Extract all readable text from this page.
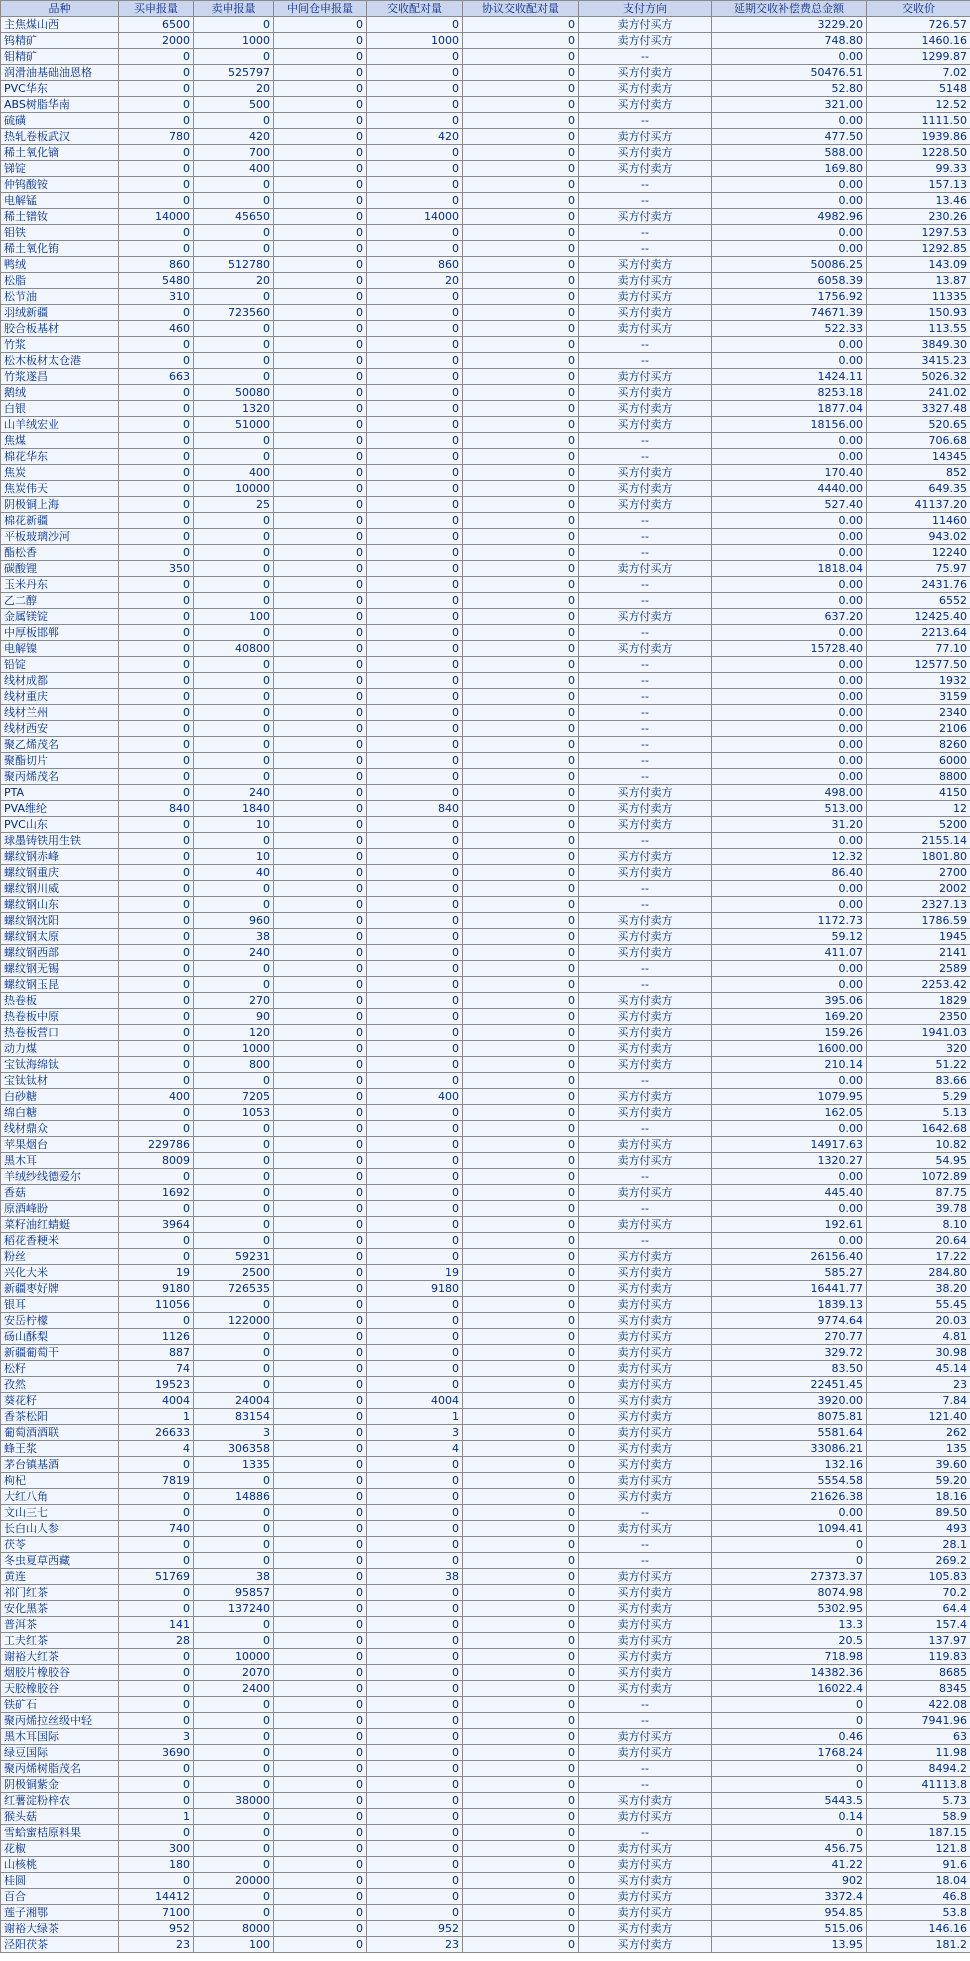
品种	买申报量	卖申报量	中间仓申报量	交收配对量	协议交收配对量	支付方向	延期交收补偿费总金额	交收价
主焦煤山西	6500	0	0	0	0	卖方付买方	3229.20	726.57
钨精矿	2000	1000	0	1000	0	卖方付买方	748.80	1460.16
钼精矿	0	0	0	0	0	--	0.00	1299.87
润滑油基础油恩格	0	525797	0	0	0	买方付卖方	50476.51	7.02
PVC华东	0	20	0	0	0	买方付卖方	52.80	5148
ABS树脂华南	0	500	0	0	0	买方付卖方	321.00	12.52
硫磺	0	0	0	0	0	--	0.00	1111.50
热轧卷板武汉	780	420	0	420	0	卖方付买方	477.50	1939.86
稀土氧化镝	0	700	0	0	0	买方付卖方	588.00	1228.50
锑锭	0	400	0	0	0	买方付卖方	169.80	99.33
仲钨酸铵	0	0	0	0	0	--	0.00	157.13
电解锰	0	0	0	0	0	--	0.00	13.46
稀土镨钕	14000	45650	0	14000	0	买方付卖方	4982.96	230.26
钼铁	0	0	0	0	0	--	0.00	1297.53
稀土氧化铕	0	0	0	0	0	--	0.00	1292.85
鸭绒	860	512780	0	860	0	买方付卖方	50086.25	143.09
松脂	5480	20	0	20	0	卖方付买方	6058.39	13.87
松节油	310	0	0	0	0	卖方付买方	1756.92	11335
羽绒新疆	0	723560	0	0	0	买方付卖方	74671.39	150.93
胶合板基材	460	0	0	0	0	卖方付买方	522.33	113.55
竹浆	0	0	0	0	0	--	0.00	3849.30
松木板材太仓港	0	0	0	0	0	--	0.00	3415.23
竹浆遂昌	663	0	0	0	0	卖方付买方	1424.11	5026.32
鹅绒	0	50080	0	0	0	买方付卖方	8253.18	241.02
白银	0	1320	0	0	0	买方付卖方	1877.04	3327.48
山羊绒宏业	0	51000	0	0	0	买方付卖方	18156.00	520.65
焦煤	0	0	0	0	0	--	0.00	706.68
棉花华东	0	0	0	0	0	--	0.00	14345
焦炭	0	400	0	0	0	买方付卖方	170.40	852
焦炭伟天	0	10000	0	0	0	买方付卖方	4440.00	649.35
阴极铜上海	0	25	0	0	0	买方付卖方	527.40	41137.20
棉花新疆	0	0	0	0	0	--	0.00	11460
平板玻璃沙河	0	0	0	0	0	--	0.00	943.02
酯松香	0	0	0	0	0	--	0.00	12240
碳酸锂	350	0	0	0	0	卖方付买方	1818.04	75.97
玉米丹东	0	0	0	0	0	--	0.00	2431.76
乙二醇	0	0	0	0	0	--	0.00	6552
金属镁锭	0	100	0	0	0	买方付卖方	637.20	12425.40
中厚板邯郸	0	0	0	0	0	--	0.00	2213.64
电解镍	0	40800	0	0	0	买方付卖方	15728.40	77.10
铅锭	0	0	0	0	0	--	0.00	12577.50
线材成都	0	0	0	0	0	--	0.00	1932
线材重庆	0	0	0	0	0	--	0.00	3159
线材兰州	0	0	0	0	0	--	0.00	2340
线材西安	0	0	0	0	0	--	0.00	2106
聚乙烯茂名	0	0	0	0	0	--	0.00	8260
聚酯切片	0	0	0	0	0	--	0.00	6000
聚丙烯茂名	0	0	0	0	0	--	0.00	8800
PTA	0	240	0	0	0	买方付卖方	498.00	4150
PVA维纶	840	1840	0	840	0	买方付卖方	513.00	12
PVC山东	0	10	0	0	0	买方付卖方	31.20	5200
球墨铸铁用生铁	0	0	0	0	0	--	0.00	2155.14
螺纹钢赤峰	0	10	0	0	0	买方付卖方	12.32	1801.80
螺纹钢重庆	0	40	0	0	0	买方付卖方	86.40	2700
螺纹钢川威	0	0	0	0	0	--	0.00	2002
螺纹钢山东	0	0	0	0	0	--	0.00	2327.13
螺纹钢沈阳	0	960	0	0	0	买方付卖方	1172.73	1786.59
螺纹钢太原	0	38	0	0	0	买方付卖方	59.12	1945
螺纹钢西部	0	240	0	0	0	买方付卖方	411.07	2141
螺纹钢无锡	0	0	0	0	0	--	0.00	2589
螺纹钢玉昆	0	0	0	0	0	--	0.00	2253.42
热卷板	0	270	0	0	0	买方付卖方	395.06	1829
热卷板中原	0	90	0	0	0	买方付卖方	169.20	2350
热卷板营口	0	120	0	0	0	买方付卖方	159.26	1941.03
动力煤	0	1000	0	0	0	买方付卖方	1600.00	320
宝钛海绵钛	0	800	0	0	0	买方付卖方	210.14	51.22
宝钛钛材	0	0	0	0	0	--	0.00	83.66
白砂糖	400	7205	0	400	0	买方付卖方	1079.95	5.29
绵白糖	0	1053	0	0	0	买方付卖方	162.05	5.13
线材鼎众	0	0	0	0	0	--	0.00	1642.68
苹果烟台	229786	0	0	0	0	卖方付买方	14917.63	10.82
黑木耳	8009	0	0	0	0	卖方付买方	1320.27	54.95
羊绒纱线德爱尔	0	0	0	0	0	--	0.00	1072.89
香菇	1692	0	0	0	0	卖方付买方	445.40	87.75
原酒峰盼	0	0	0	0	0	--	0.00	39.78
菜籽油红蜻蜓	3964	0	0	0	0	卖方付买方	192.61	8.10
稻花香粳米	0	0	0	0	0	--	0.00	20.64
粉丝	0	59231	0	0	0	买方付卖方	26156.40	17.22
兴化大米	19	2500	0	19	0	买方付卖方	585.27	284.80
新疆枣好牌	9180	726535	0	9180	0	买方付卖方	16441.77	38.20
银耳	11056	0	0	0	0	卖方付买方	1839.13	55.45
安岳柠檬	0	122000	0	0	0	买方付卖方	9774.64	20.03
砀山酥梨	1126	0	0	0	0	卖方付买方	270.77	4.81
新疆葡萄干	887	0	0	0	0	卖方付买方	329.72	30.98
松籽	74	0	0	0	0	卖方付买方	83.50	45.14
孜然	19523	0	0	0	0	卖方付买方	22451.45	23
葵花籽	4004	24004	0	4004	0	买方付卖方	3920.00	7.84
香茶松阳	1	83154	0	1	0	买方付卖方	8075.81	121.40
葡萄酒酒联	26633	3	0	3	0	卖方付买方	5581.64	262
蜂王浆	4	306358	0	4	0	买方付卖方	33086.21	135
茅台镇基酒	0	1335	0	0	0	买方付卖方	132.16	39.60
枸杞	7819	0	0	0	0	卖方付买方	5554.58	59.20
大红八角	0	14886	0	0	0	买方付卖方	21626.38	18.16
文山三七	0	0	0	0	0	--	0.00	89.50
长白山人参	740	0	0	0	0	卖方付买方	1094.41	493
茯苓	0	0	0	0	0	--	0	28.1
冬虫夏草西藏	0	0	0	0	0	--	0	269.2
黄连	51769	38	0	38	0	卖方付买方	27373.37	105.83
祁门红茶	0	95857	0	0	0	买方付卖方	8074.98	70.2
安化黑茶	0	137240	0	0	0	买方付卖方	5302.95	64.4
普洱茶	141	0	0	0	0	卖方付买方	13.3	157.4
工夫红茶	28	0	0	0	0	卖方付买方	20.5	137.97
谢裕大红茶	0	10000	0	0	0	买方付卖方	718.98	119.83
烟胶片橡胶谷	0	2070	0	0	0	买方付卖方	14382.36	8685
天胶橡胶谷	0	2400	0	0	0	买方付卖方	16022.4	8345
铁矿石	0	0	0	0	0	--	0	422.08
聚丙烯拉丝级中轻	0	0	0	0	0	--	0	7941.96
黑木耳国际	3	0	0	0	0	卖方付买方	0.46	63
绿豆国际	3690	0	0	0	0	卖方付买方	1768.24	11.98
聚丙烯树脂茂名	0	0	0	0	0	--	0	8494.2
阴极铜紫金	0	0	0	0	0	--	0	41113.8
红薯淀粉梓农	0	38000	0	0	0	买方付卖方	5443.5	5.73
猴头菇	1	0	0	0	0	卖方付买方	0.14	58.9
雪蛤蜜桔原料果	0	0	0	0	0	--	0	187.15
花椒	300	0	0	0	0	卖方付买方	456.75	121.8
山核桃	180	0	0	0	0	卖方付买方	41.22	91.6
桂圆	0	20000	0	0	0	买方付卖方	902	18.04
百合	14412	0	0	0	0	卖方付买方	3372.4	46.8
莲子湘鄂	7100	0	0	0	0	卖方付买方	954.85	53.8
谢裕大绿茶	952	8000	0	952	0	买方付卖方	515.06	146.16
泾阳茯茶	23	100	0	23	0	买方付卖方	13.95	181.2
